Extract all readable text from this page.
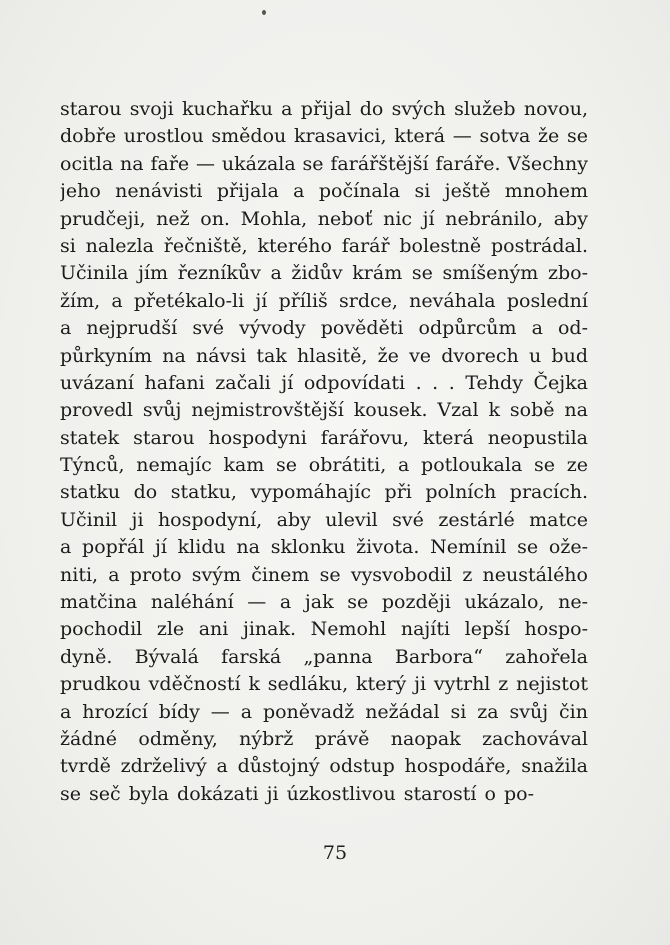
starou svoji kuchařku a přijal do svých služeb novou,
dobře urostlou smědou krasavici, která — sotva že se
ocitla na faře — ukázala se farářštější faráře. Všechny
jeho nenávisti přijala a počínala si ještě mnohem
prudčeji, než on. Mohla, neboť nic jí nebránilo, aby
si nalezla řečniště, kterého farář bolestně postrádal.
Učinila jím řezníkův a židův krám se smíšeným zbo-
žím, a přetékalo-li jí příliš srdce, neváhala poslední
a nejprudší své vývody pověděti odpůrcům a od-
půrkyním na návsi tak hlasitě, že ve dvorech u bud
uvázaní hafani začali jí odpovídati . . . Tehdy Čejka
provedl svůj nejmistrovštější kousek. Vzal k sobě na
statek starou hospodyni farářovu, která neopustila
Týnců, nemajíc kam se obrátiti, a potloukala se ze
statku do statku, vypomáhajíc při polních pracích.
Učinil ji hospodyní, aby ulevil své zestárlé matce
a popřál jí klidu na sklonku života. Nemínil se ože-
niti, a proto svým činem se vysvobodil z neustálého
matčina naléhání — a jak se později ukázalo, ne-
pochodil zle ani jinak. Nemohl najíti lepší hospo-
dyně. Bývalá farská „panna Barbora“ zahořela
prudkou vděčností k sedláku, který ji vytrhl z nejistot
a hrozící bídy — a poněvadž nežádal si za svůj čin
žádné odměny, nýbrž právě naopak zachovával
tvrdě zdrželivý a důstojný odstup hospodáře, snažila
se seč byla dokázati ji úzkostlivou starostí o po-
75
